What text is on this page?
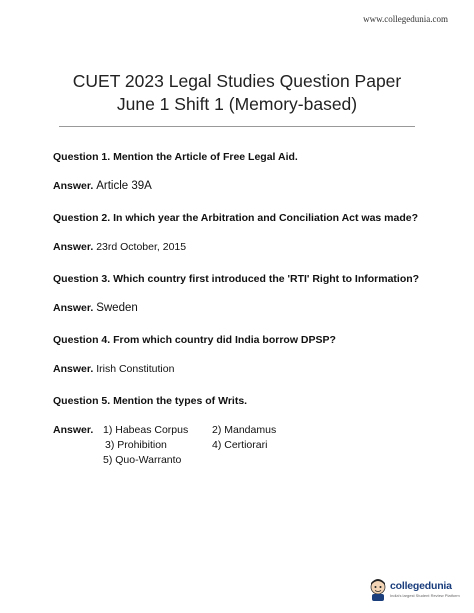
www.collegedunia.com
CUET 2023 Legal Studies Question Paper
June 1 Shift 1 (Memory-based)
Question 1. Mention the Article of Free Legal Aid.
Answer. Article 39A
Question 2. In which year the Arbitration and Conciliation Act was made?
Answer. 23rd October, 2015
Question 3. Which country first introduced the 'RTI' Right to Information?
Answer. Sweden
Question 4. From which country did India borrow DPSP?
Answer. Irish Constitution
Question 5. Mention the types of Writs.
Answer. 1) Habeas Corpus 2) Mandamus
3) Prohibition	4) Certiorari
5) Quo-Warranto
collegedunia
India's largest Student Review Platform
